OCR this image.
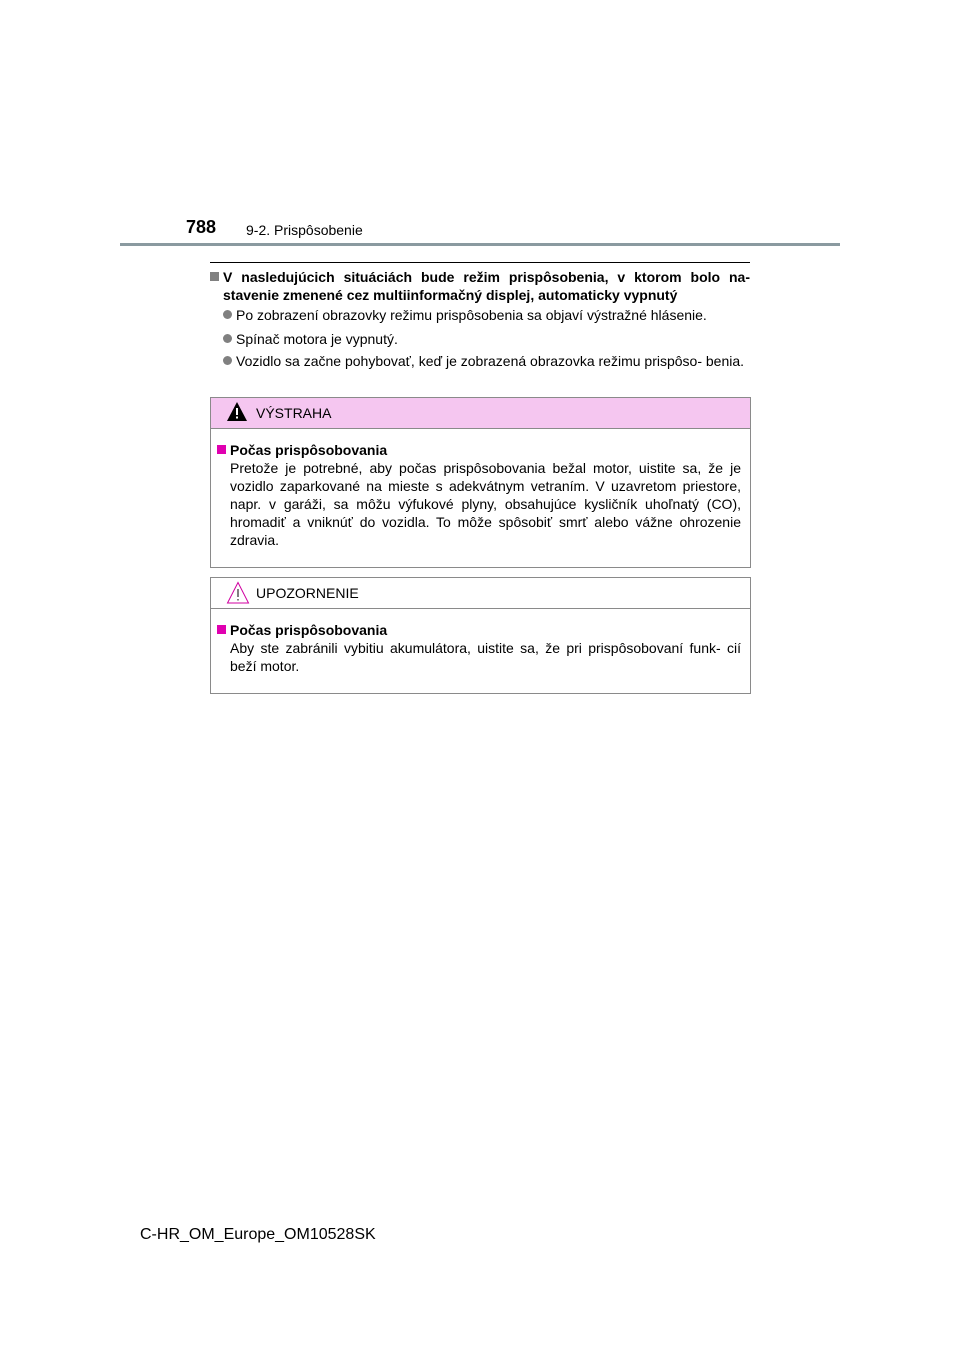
788 9-2. Prispôsobenie
V nasledujúcich situáciách bude režim prispôsobenia, v ktorom bolo na- stavenie zmenené cez multiinformačný displej, automaticky vypnutý
Po zobrazení obrazovky režimu prispôsobenia sa objaví výstražné hlásenie.
Spínač motora je vypnutý.
Vozidlo sa začne pohybovať, keď je zobrazená obrazovka režimu prispôso- benia.
VÝSTRAHA
Počas prispôsobovania
Pretože je potrebné, aby počas prispôsobovania bežal motor, uistite sa, že je vozidlo zaparkované na mieste s adekvátnym vetraním. V uzavretom priestore, napr. v garáži, sa môžu výfukové plyny, obsahujúce kysličník uhoľnatý (CO), hromadiť a vniknúť do vozidla. To môže spôsobiť smrť alebo vážne ohrozenie zdravia.
UPOZORNENIE
Počas prispôsobovania
Aby ste zabránili vybitiu akumulátora, uistite sa, že pri prispôsobovaní funk- cií beží motor.
C-HR_OM_Europe_OM10528SK
